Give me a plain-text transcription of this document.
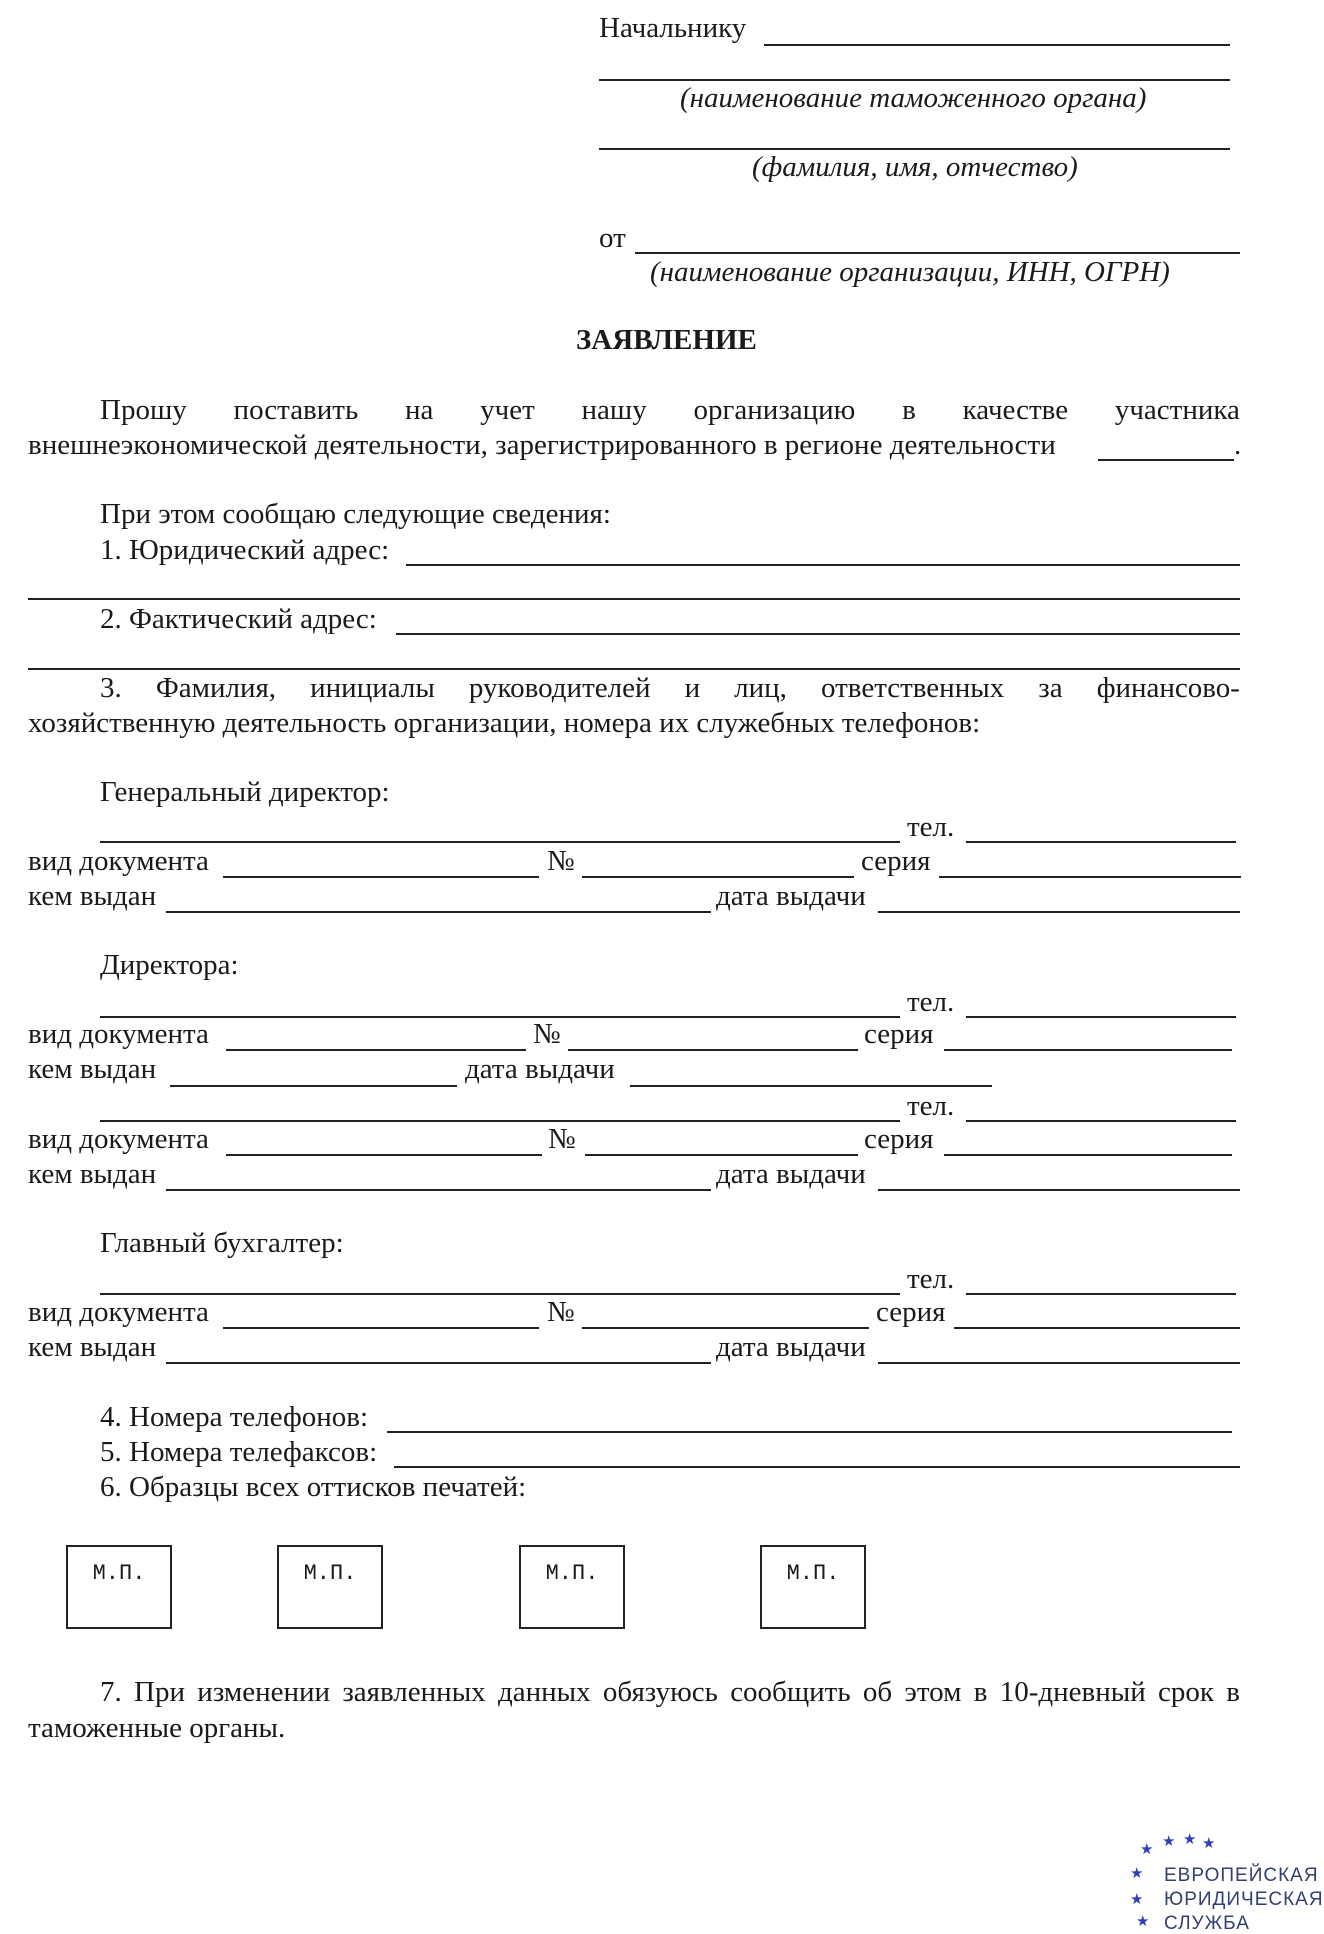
Начальнику
(наименование таможенного органа)
(фамилия, имя, отчество)
от
(наименование организации, ИНН, ОГРН)
ЗАЯВЛЕНИЕ
Прошу поставить на учет нашу организацию в качестве участника
внешнеэкономической деятельности, зарегистрированного в регионе деятельности	.
При этом сообщаю следующие сведения:
1. Юридический адрес:
2. Фактический адрес:
3. Фамилия, инициалы руководителей и лиц, ответственных за финансово-
хозяйственную деятельность организации, номера их служебных телефонов:
Генеральный директор:
тел.
вид документа	№	серия
кем выдан	дата выдачи
Директора:
тел.
вид документа	№	серия
кем выдан	дата выдачи
тел.
вид документа	№	серия
кем выдан	дата выдачи
Главный бухгалтер:
тел.
вид документа	№	серия
кем выдан	дата выдачи
4. Номера телефонов:
5. Номера телефаксов:
6. Образцы всех оттисков печатей:
М.П.	М.П.	М.П.	М.П.
7. При изменении заявленных данных обязуюсь сообщить об этом в 10-дневный срок в
таможенные органы.
★ ★ ★ ★
★
★
★
ЕВРОПЕЙСКАЯ
ЮРИДИЧЕСКАЯ
СЛУЖБА
